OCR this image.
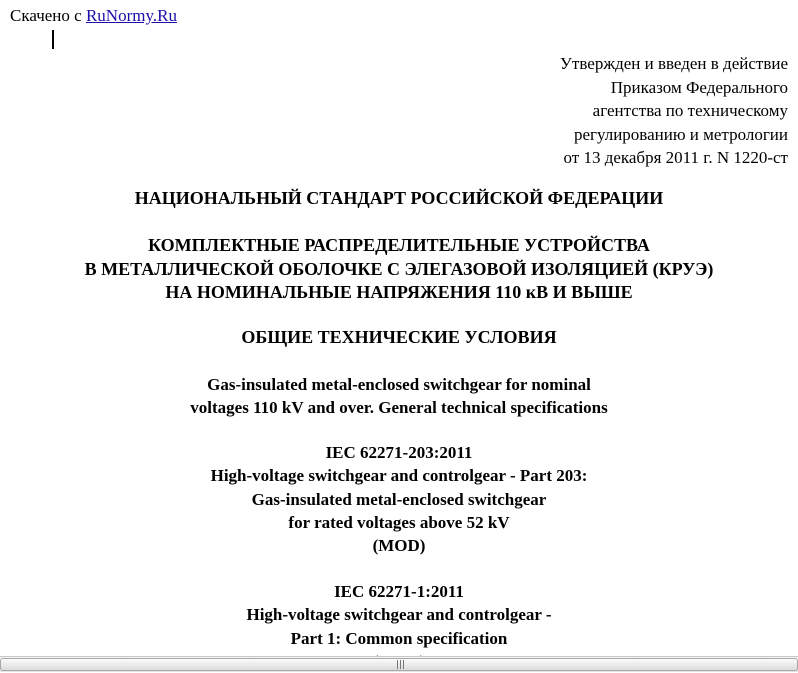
Скачено с RuNormy.Ru
Утвержден и введен в действие
Приказом Федерального
агентства по техническому
регулированию и метрологии
от 13 декабря 2011 г. N 1220-ст
НАЦИОНАЛЬНЫЙ СТАНДАРТ РОССИЙСКОЙ ФЕДЕРАЦИИ
КОМПЛЕКТНЫЕ РАСПРЕДЕЛИТЕЛЬНЫЕ УСТРОЙСТВА
В МЕТАЛЛИЧЕСКОЙ ОБОЛОЧКЕ С ЭЛЕГАЗОВОЙ ИЗОЛЯЦИЕЙ (КРУЭ)
НА НОМИНАЛЬНЫЕ НАПРЯЖЕНИЯ 110 кВ И ВЫШЕ
ОБЩИЕ ТЕХНИЧЕСКИЕ УСЛОВИЯ
Gas-insulated metal-enclosed switchgear for nominal
voltages 110 kV and over. General technical specifications
IEC 62271-203:2011
High-voltage switchgear and controlgear - Part 203:
Gas-insulated metal-enclosed switchgear
for rated voltages above 52 kV
(MOD)
IEC 62271-1:2011
High-voltage switchgear and controlgear -
Part 1: Common specification
